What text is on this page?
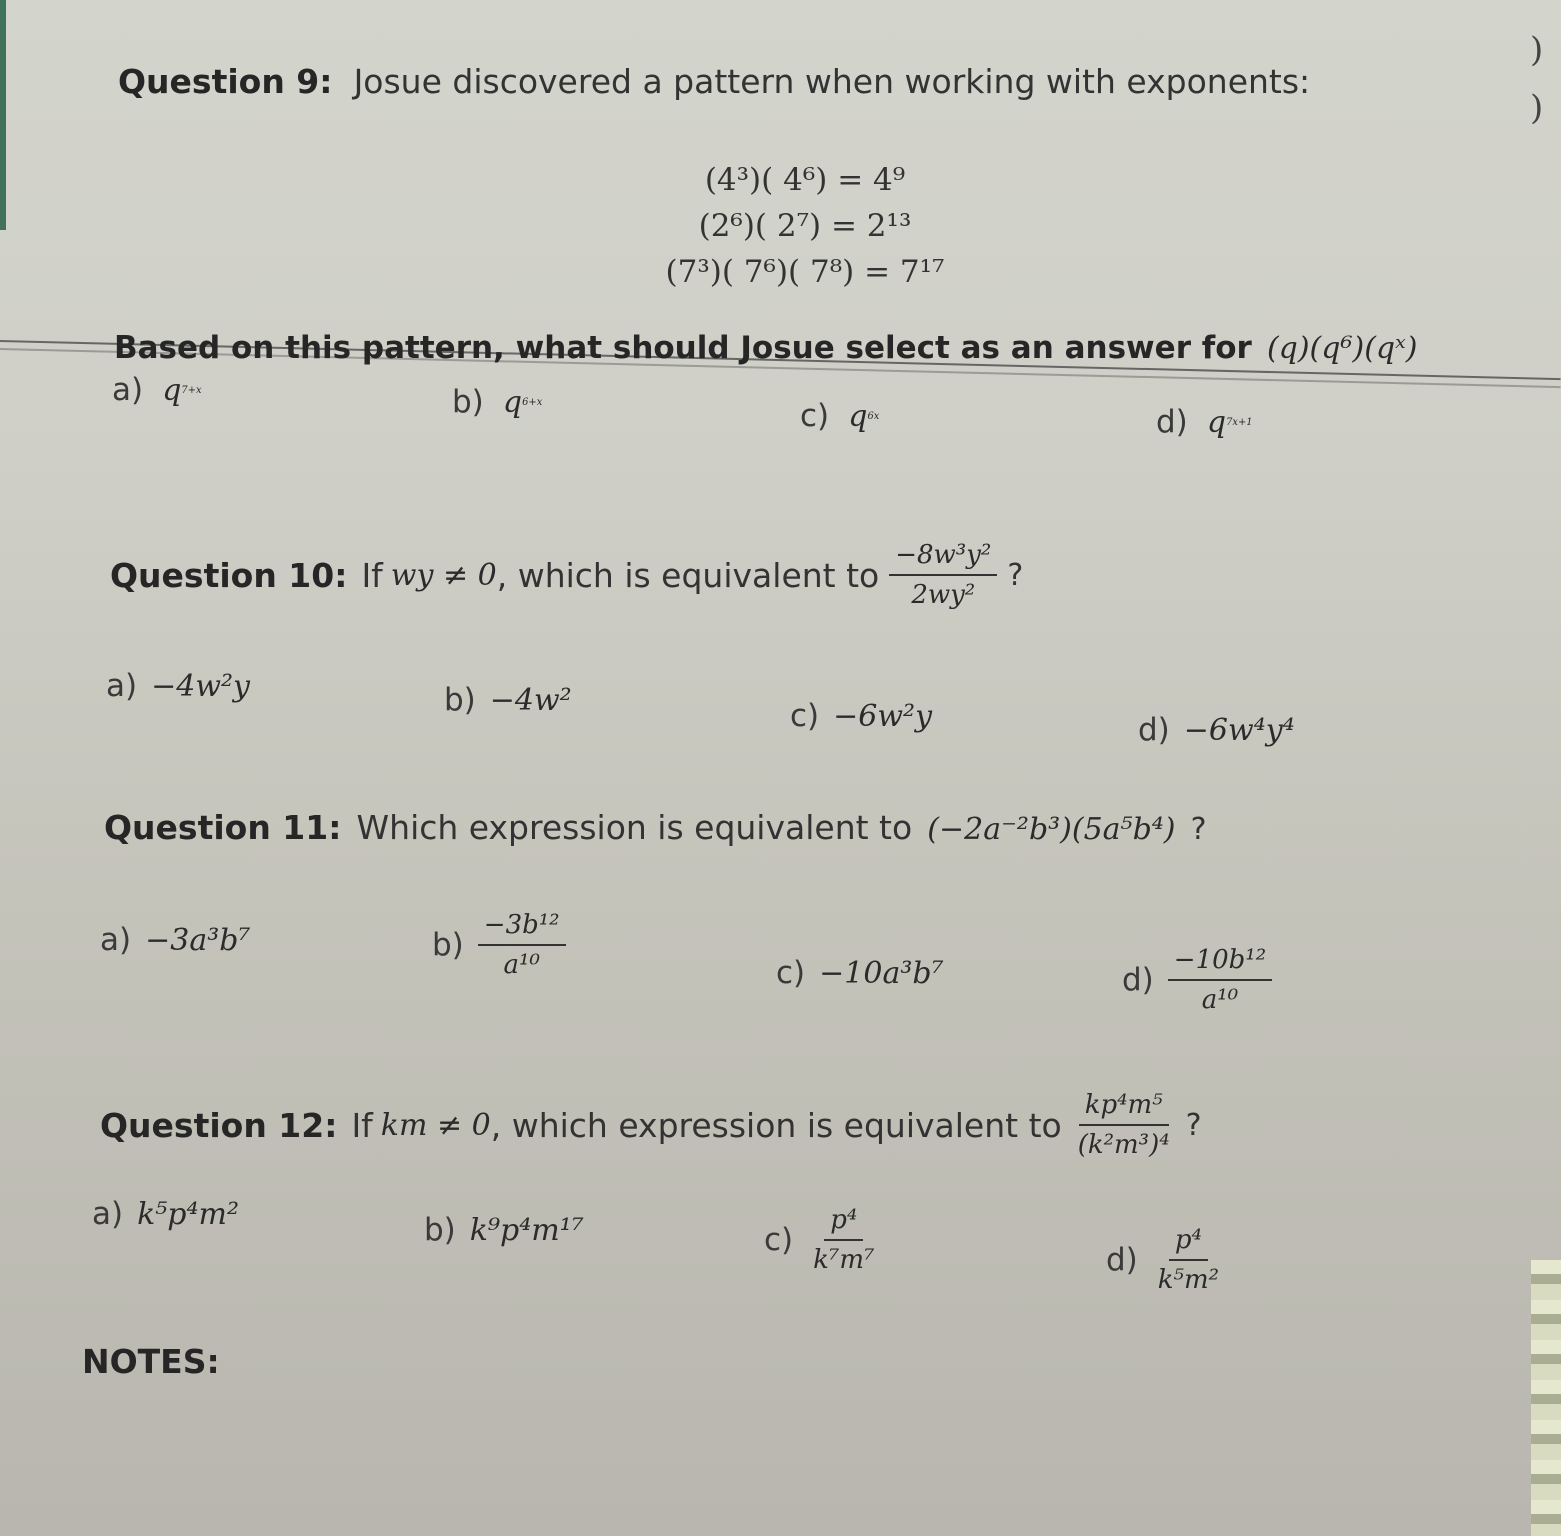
)
)
Question 9: Josue discovered a pattern when working with exponents:
(4³)( 4⁶) = 4⁹
(2⁶)( 2⁷) = 2¹³
(7³)( 7⁶)( 7⁸) = 7¹⁷
Based on this pattern, what should Josue select as an answer for (q)(q⁶)(qˣ)
a) $q^{7+x}$	b) $q^{6+x}$	c) $q^{6x}$	d) $q^{7x+1}$
Question 10: If wy ≠ 0 , which is equivalent to $\frac{\text{−8w³y²}}{\text{2wy²}}$ ?
a) −4w²y	b) −4w²	c) −6w²y	d) −6w⁴y⁴
Question 11: Which expression is equivalent to (−2a⁻²b³)(5a⁵b⁴) ?
a) −3a³b⁷	$b) \frac{\text{−3b¹²}}{\text{a¹⁰}}$	c) −10a³b⁷	$d) \frac{\text{−10b¹²}}{\text{a¹⁰}}$
Question 12: If km ≠ 0 , which expression is equivalent to $\frac{\text{kp⁴m⁵}}{\text{(k²m³)⁴}}$ ?
a) k⁵p⁴m²	b) k⁹p⁴m¹⁷	$c) \frac{\text{p⁴}}{\text{k⁷m⁷}}$	$d) \frac{\text{p⁴}}{\text{k⁵m²}}$
NOTES:
